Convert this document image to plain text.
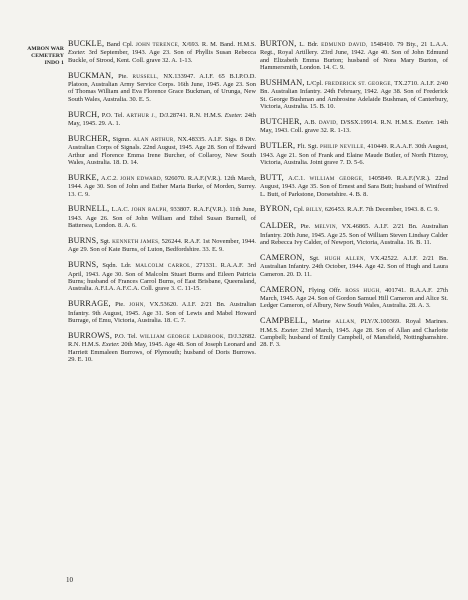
AMBON WAR
CEMETERY
INDO 1
BUCKLE, Band Cpl. JOHN TERENCE, X/693. R. M. Band. H.M.S. Exeter. 3rd September, 1943. Age 23. Son of Phyllis Susan Rebecca Buckle, of Strood, Kent. Coll. grave 32. A. 1-13.
BUCKMAN, Pte. RUSSELL, NX.133947. A.I.F. 65 B.I.P.O.D. Platoon, Australian Army Service Corps. 16th June, 1945. Age 23. Son of Thomas William and Eva Florence Grace Buckman, of Urunga, New South Wales, Australia. 30. E. 5.
BURCH, P.O. Tel. ARTHUR J., D/J.28741. R.N. H.M.S. Exeter. 24th May, 1945. 29. A. 1.
BURCHER, Sigmn. ALAN ARTHUR, NX.48335. A.I.F. Sigs. 8 Div. Australian Corps of Signals. 22nd August, 1945. Age 28. Son of Edward Arthur and Florence Emma Irene Burcher, of Collaroy, New South Wales, Australia. 18. D. 14.
BURKE, A.C.2. JOHN EDWARD, 926070. R.A.F.(V.R.). 12th March, 1944. Age 30. Son of John and Esther Maria Burke, of Morden, Surrey. 13. C. 9.
BURNELL, L.A.C. JOHN RALPH, 933807. R.A.F.(V.R.). 11th June, 1943. Age 26. Son of John William and Ethel Susan Burnell, of Battersea, London. 8. A. 6.
BURNS, Sgt. KENNETH JAMES, 526244. R.A.F. 1st November, 1944. Age 29. Son of Kate Burns, of Luton, Bedfordshire. 33. E. 9.
BURNS, Sqdn. Ldr. MALCOLM CARROL, 271331. R.A.A.F. 3rd April, 1943. Age 30. Son of Malcolm Stuart Burns and Eileen Patricia Burns; husband of Frances Carrol Burns, of East Brisbane, Queensland, Australia. A.F.I.A. A.F.C.A. Coll. grave 3. C. 11-15.
BURRAGE, Pte. JOHN, VX.53620. A.I.F. 2/21 Bn. Australian Infantry. 9th August, 1945. Age 31. Son of Lewis and Mabel Howard Burrage, of Emu, Victoria, Australia. 18. C. 7.
BURROWS, P.O. Tel. WILLIAM GEORGE LADBROOK, D/J.32682. R.N. H.M.S. Exeter. 20th May, 1945. Age 48. Son of Joseph Leonard and Harriett Emmaleen Burrows, of Plymouth; husband of Doris Burrows. 29. E. 10.
BURTON, L. Bdr. EDMUND DAVID, 1548410. 79 Bty., 21 L.A.A. Regt., Royal Artillery. 23rd June, 1942. Age 40. Son of John Edmund and Elizabeth Emma Burton; husband of Nora Mary Burton, of Hammersmith, London. 14. C. 9.
BUSHMAN, L/Cpl. FREDERICK ST. GEORGE, TX.2710. A.I.F. 2/40 Bn. Australian Infantry. 24th February, 1942. Age 38. Son of Frederick St. George Bushman and Ambrosine Adelaide Bushman, of Canterbury, Victoria, Australia. 15. B. 10.
BUTCHER, A.B. DAVID, D/SSX.19914. R.N. H.M.S. Exeter. 14th May, 1943. Coll. grave 32. R. 1-13.
BUTLER, Flt. Sgt. PHILIP NEVILLE, 410449. R.A.A.F. 30th August, 1943. Age 21. Son of Frank and Elaine Maude Butler, of North Fitzroy, Victoria, Australia. Joint grave 7. D. 5-6.
BUTT, A.C.1. WILLIAM GEORGE, 1405849. R.A.F.(V.R.). 22nd August, 1943. Age 35. Son of Ernest and Sara Butt; husband of Winifred L. Butt, of Parkstone, Dorsetshire. 4. B. 8.
BYRON, Cpl. BILLY, 626453. R.A.F. 7th December, 1943. 8. C. 9.
CALDER, Pte. MELVIN, VX.46865. A.I.F. 2/21 Bn. Australian Infantry. 20th June, 1945. Age 25. Son of William Steven Lindsay Calder and Rebecca Ivy Calder, of Newport, Victoria, Australia. 16. B. 11.
CAMERON, Sgt. HUGH ALLEN, VX.42522. A.I.F. 2/21 Bn. Australian Infantry. 24th October, 1944. Age 42. Son of Hugh and Laura Cameron. 20. D. 11.
CAMERON, Flying Offr. ROSS HUGH, 401741. R.A.A.F. 27th March, 1945. Age 24. Son of Gordon Samuel Hill Cameron and Alice St. Ledger Cameron, of Albury, New South Wales, Australia. 28. A. 3.
CAMPBELL, Marine ALLAN, PLY/X.100369. Royal Marines. H.M.S. Exeter. 23rd March, 1945. Age 28. Son of Allan and Charlotte Campbell; husband of Emily Campbell, of Mansfield, Nottinghamshire. 28. F. 3.
10
